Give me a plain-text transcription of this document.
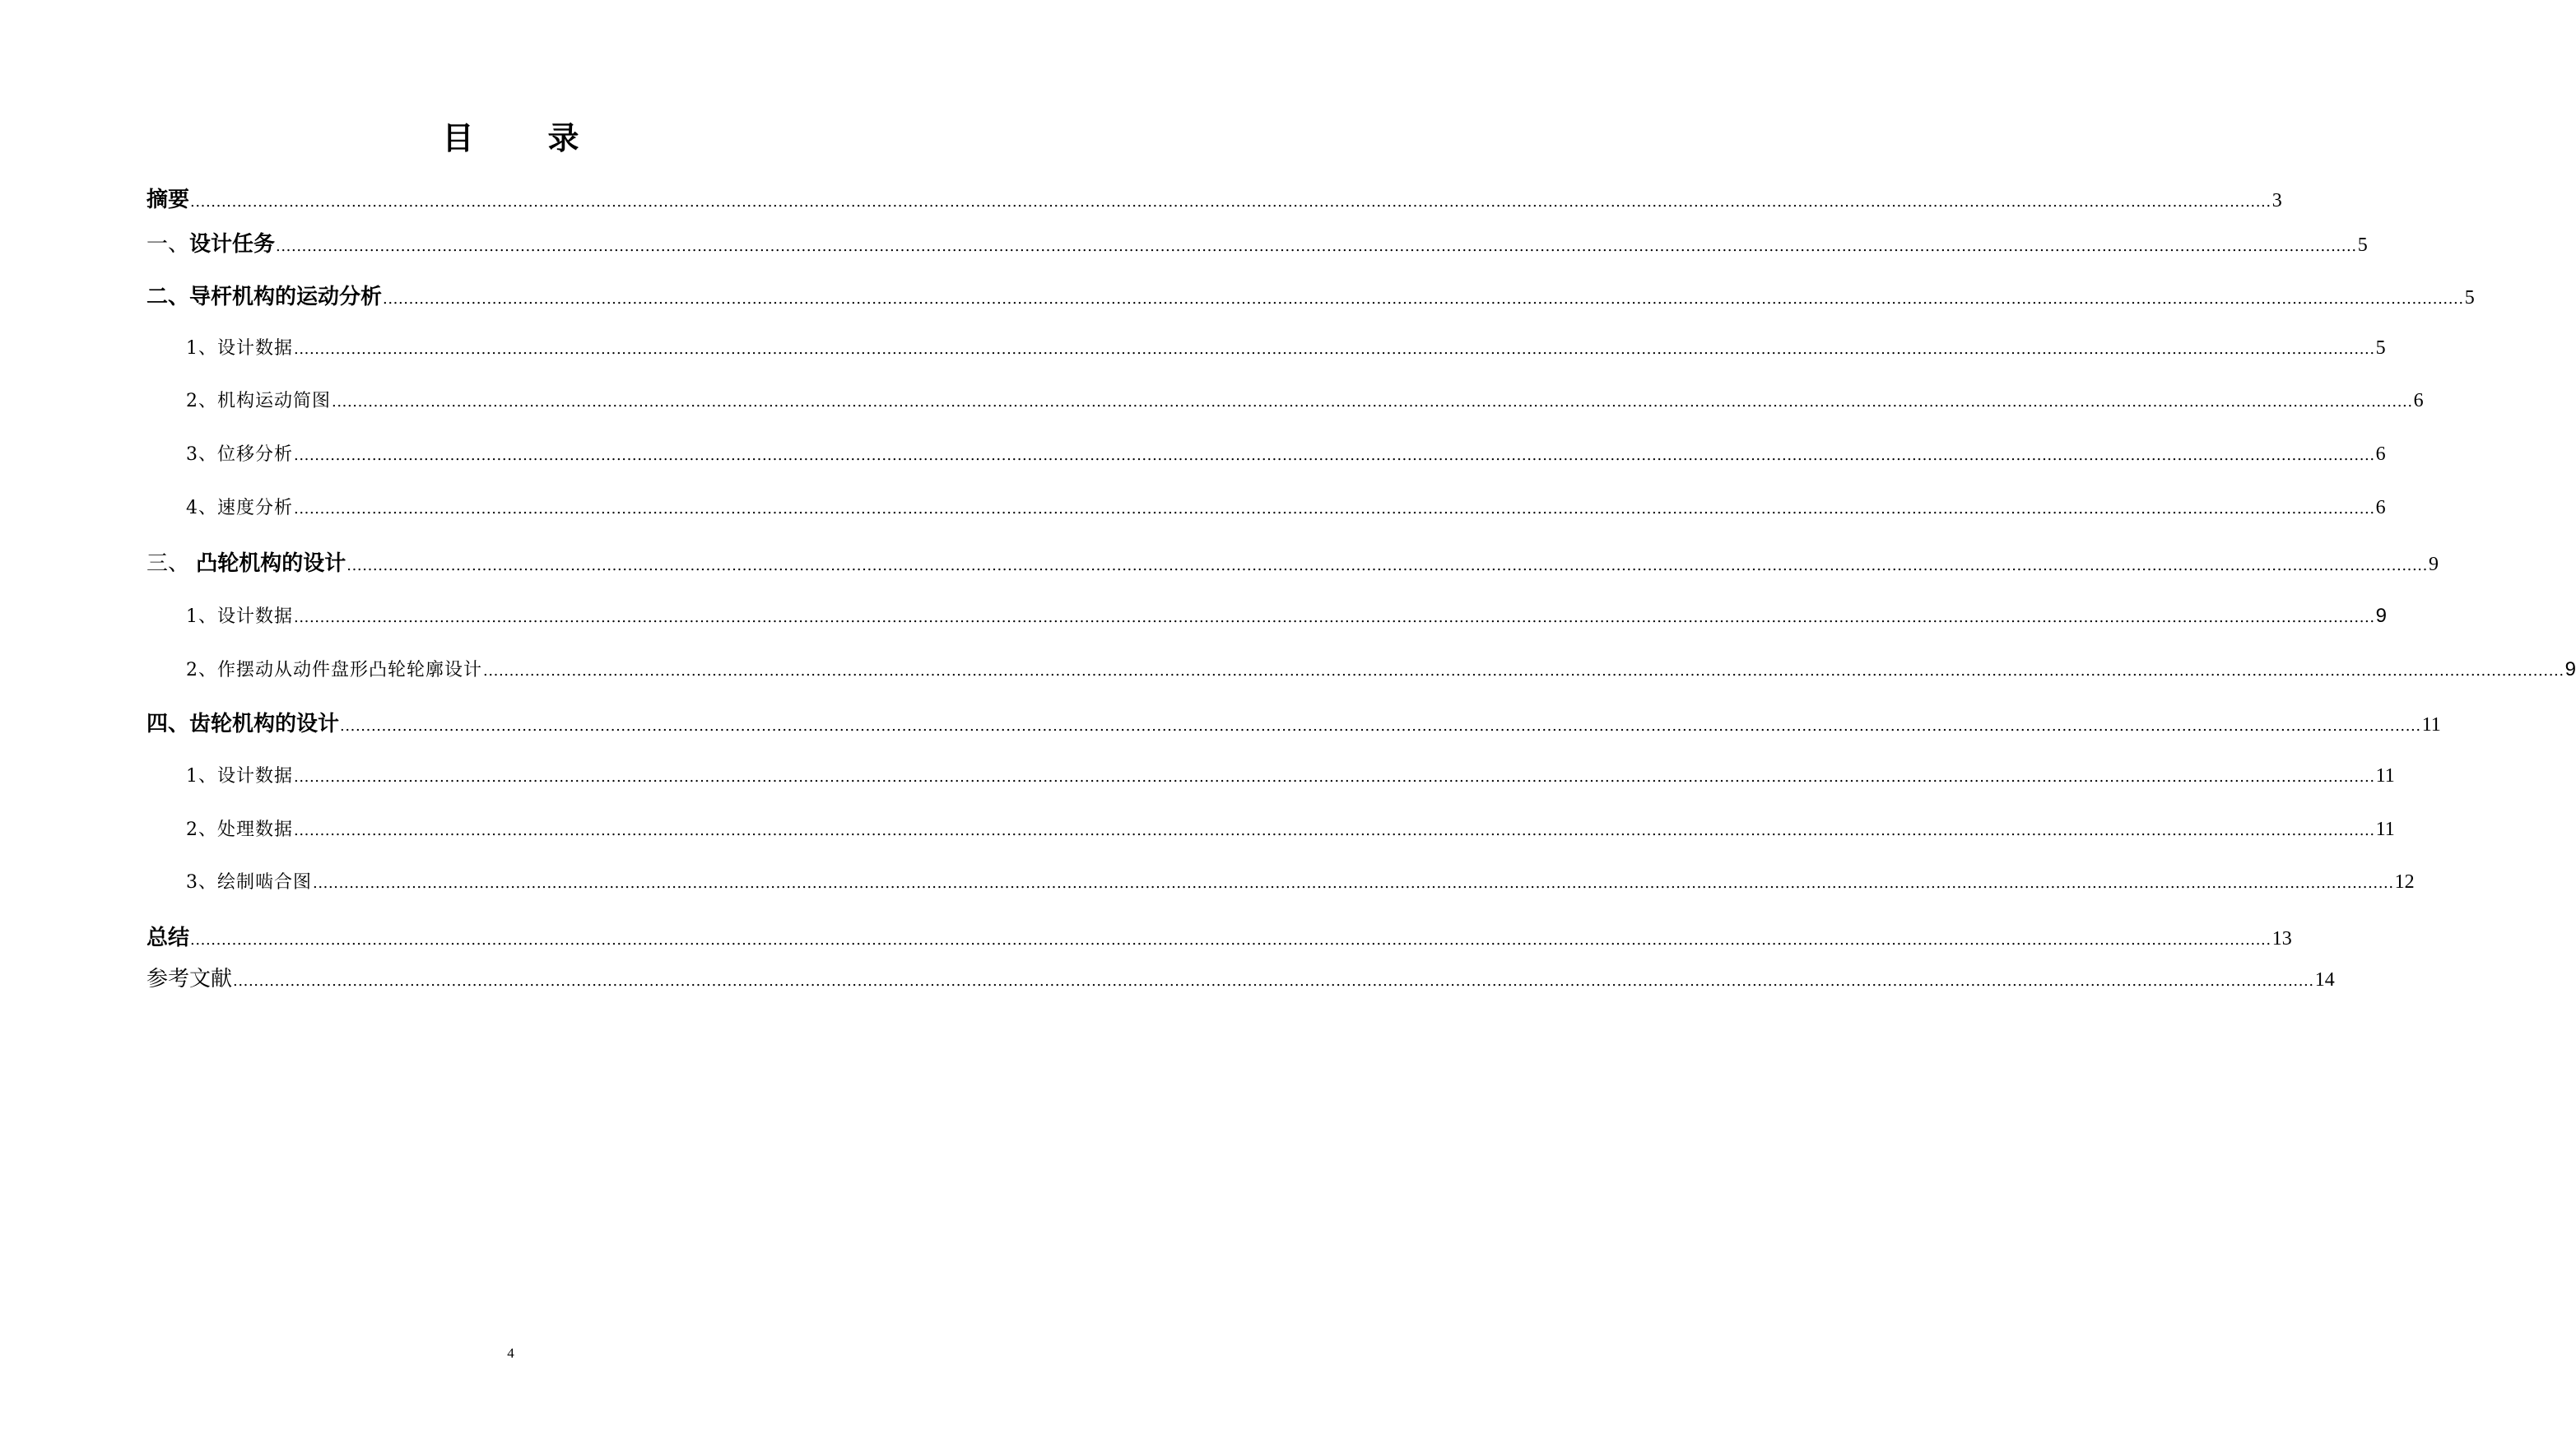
目 录
摘要 ................................................................................................................................................................................................................................................................................................................................................................................................................ 3
一、设计任务 ................................................................................................................................................................................................................................................................................................................................................................................................................ 5
二、导杆机构的运动分析 ................................................................................................................................................................................................................................................................................................................................................................................................................ 5
1、设计数据 ................................................................................................................................................................................................................................................................................................................................................................................................................ 5
2、机构运动简图 ................................................................................................................................................................................................................................................................................................................................................................................................................ 6
3、位移分析 ................................................................................................................................................................................................................................................................................................................................................................................................................ 6
4、速度分析 ................................................................................................................................................................................................................................................................................................................................................................................................................ 6
三、 凸轮机构的设计 ................................................................................................................................................................................................................................................................................................................................................................................................................ 9
1、设计数据 ................................................................................................................................................................................................................................................................................................................................................................................................................ 9
2、作摆动从动件盘形凸轮轮廓设计 ................................................................................................................................................................................................................................................................................................................................................................................................................ 9
四、齿轮机构的设计 ................................................................................................................................................................................................................................................................................................................................................................................................................ 11
1、设计数据 ................................................................................................................................................................................................................................................................................................................................................................................................................ 11
2、处理数据 ................................................................................................................................................................................................................................................................................................................................................................................................................ 11
3、绘制啮合图 ................................................................................................................................................................................................................................................................................................................................................................................................................ 12
总结 ................................................................................................................................................................................................................................................................................................................................................................................................................ 13
参考文献 ................................................................................................................................................................................................................................................................................................................................................................................................................ 14
4
